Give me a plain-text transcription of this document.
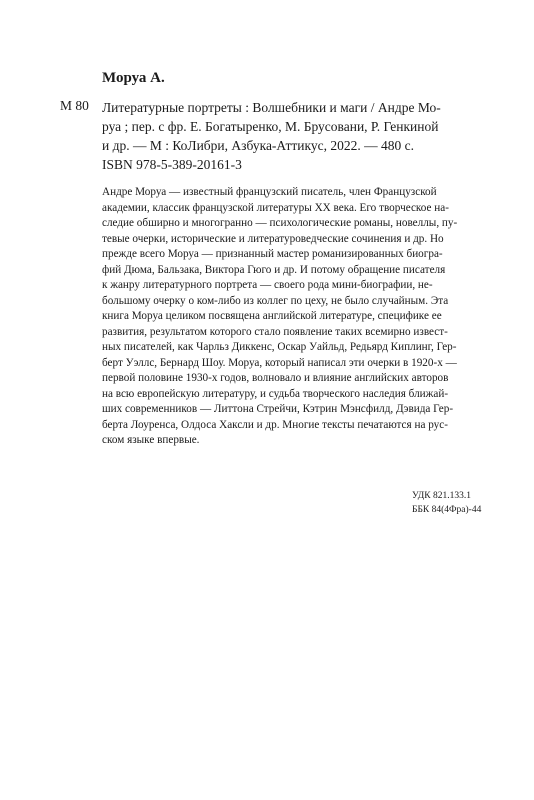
Моруа А.
М 80 Литературные портреты : Волшебники и маги / Андре Мо-
руа ; пер. с фр. Е. Богатыренко, М. Брусовани, Р. Генкиной
и др. — М : КоЛибри, Азбука-Аттикус, 2022. — 480 с.
ISBN 978-5-389-20161-3
Андре Моруа — известный французский писатель, член Французской
академии, классик французской литературы XX века. Его творческое на-
следие обширно и многогранно — психологические романы, новеллы, пу-
тевые очерки, исторические и литературоведческие сочинения и др. Но
прежде всего Моруа — признанный мастер романизированных биогра-
фий Дюма, Бальзака, Виктора Гюго и др. И потому обращение писателя
к жанру литературного портрета — своего рода мини-биографии, не-
большому очерку о ком-либо из коллег по цеху, не было случайным. Эта
книга Моруа целиком посвящена английской литературе, специфике ее
развития, результатом которого стало появление таких всемирно извест-
ных писателей, как Чарльз Диккенс, Оскар Уайльд, Редьярд Киплинг, Гер-
берт Уэллс, Бернард Шоу. Моруа, который написал эти очерки в 1920-х —
первой половине 1930-х годов, волновало и влияние английских авторов
на всю европейскую литературу, и судьба творческого наследия ближай-
ших современников — Литтона Стрейчи, Кэтрин Мэнсфилд, Дэвида Гер-
берта Лоуренса, Олдоса Хаксли и др. Многие тексты печатаются на рус-
ском языке впервые.
УДК 821.133.1
ББК 84(4Фра)-44
